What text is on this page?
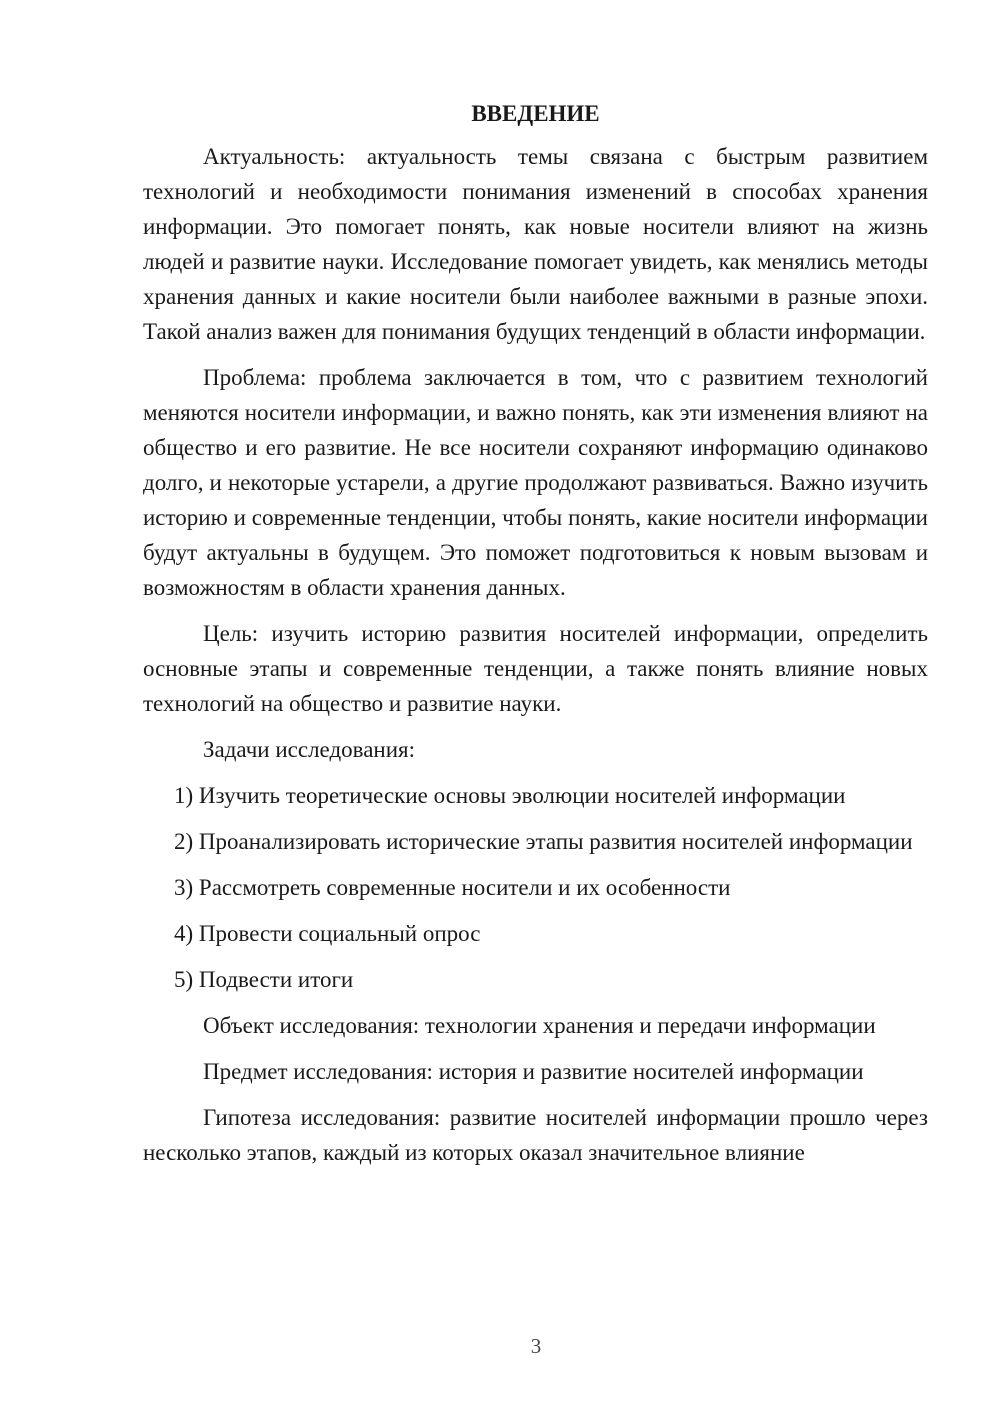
ВВЕДЕНИЕ

Актуальность: актуальность темы связана с быстрым развитием технологий и необходимости понимания изменений в способах хранения информации. Это помогает понять, как новые носители влияют на жизнь людей и развитие науки. Исследование помогает увидеть, как менялись методы хранения данных и какие носители были наиболее важными в разные эпохи. Такой анализ важен для понимания будущих тенденций в области информации.

Проблема: проблема заключается в том, что с развитием технологий меняются носители информации, и важно понять, как эти изменения влияют на общество и его развитие. Не все носители сохраняют информацию одинаково долго, и некоторые устарели, а другие продолжают развиваться. Важно изучить историю и современные тенденции, чтобы понять, какие носители информации будут актуальны в будущем. Это поможет подготовиться к новым вызовам и возможностям в области хранения данных.

Цель: изучить историю развития носителей информации, определить основные этапы и современные тенденции, а также понять влияние новых технологий на общество и развитие науки.

Задачи исследования:

1) Изучить теоретические основы эволюции носителей информации

2) Проанализировать исторические этапы развития носителей информации

3) Рассмотреть современные носители и их особенности

4) Провести социальный опрос

5) Подвести итоги

Объект исследования: технологии хранения и передачи информации

Предмет исследования: история и развитие носителей информации

Гипотеза исследования: развитие носителей информации прошло через несколько этапов, каждый из которых оказал значительное влияние

3
